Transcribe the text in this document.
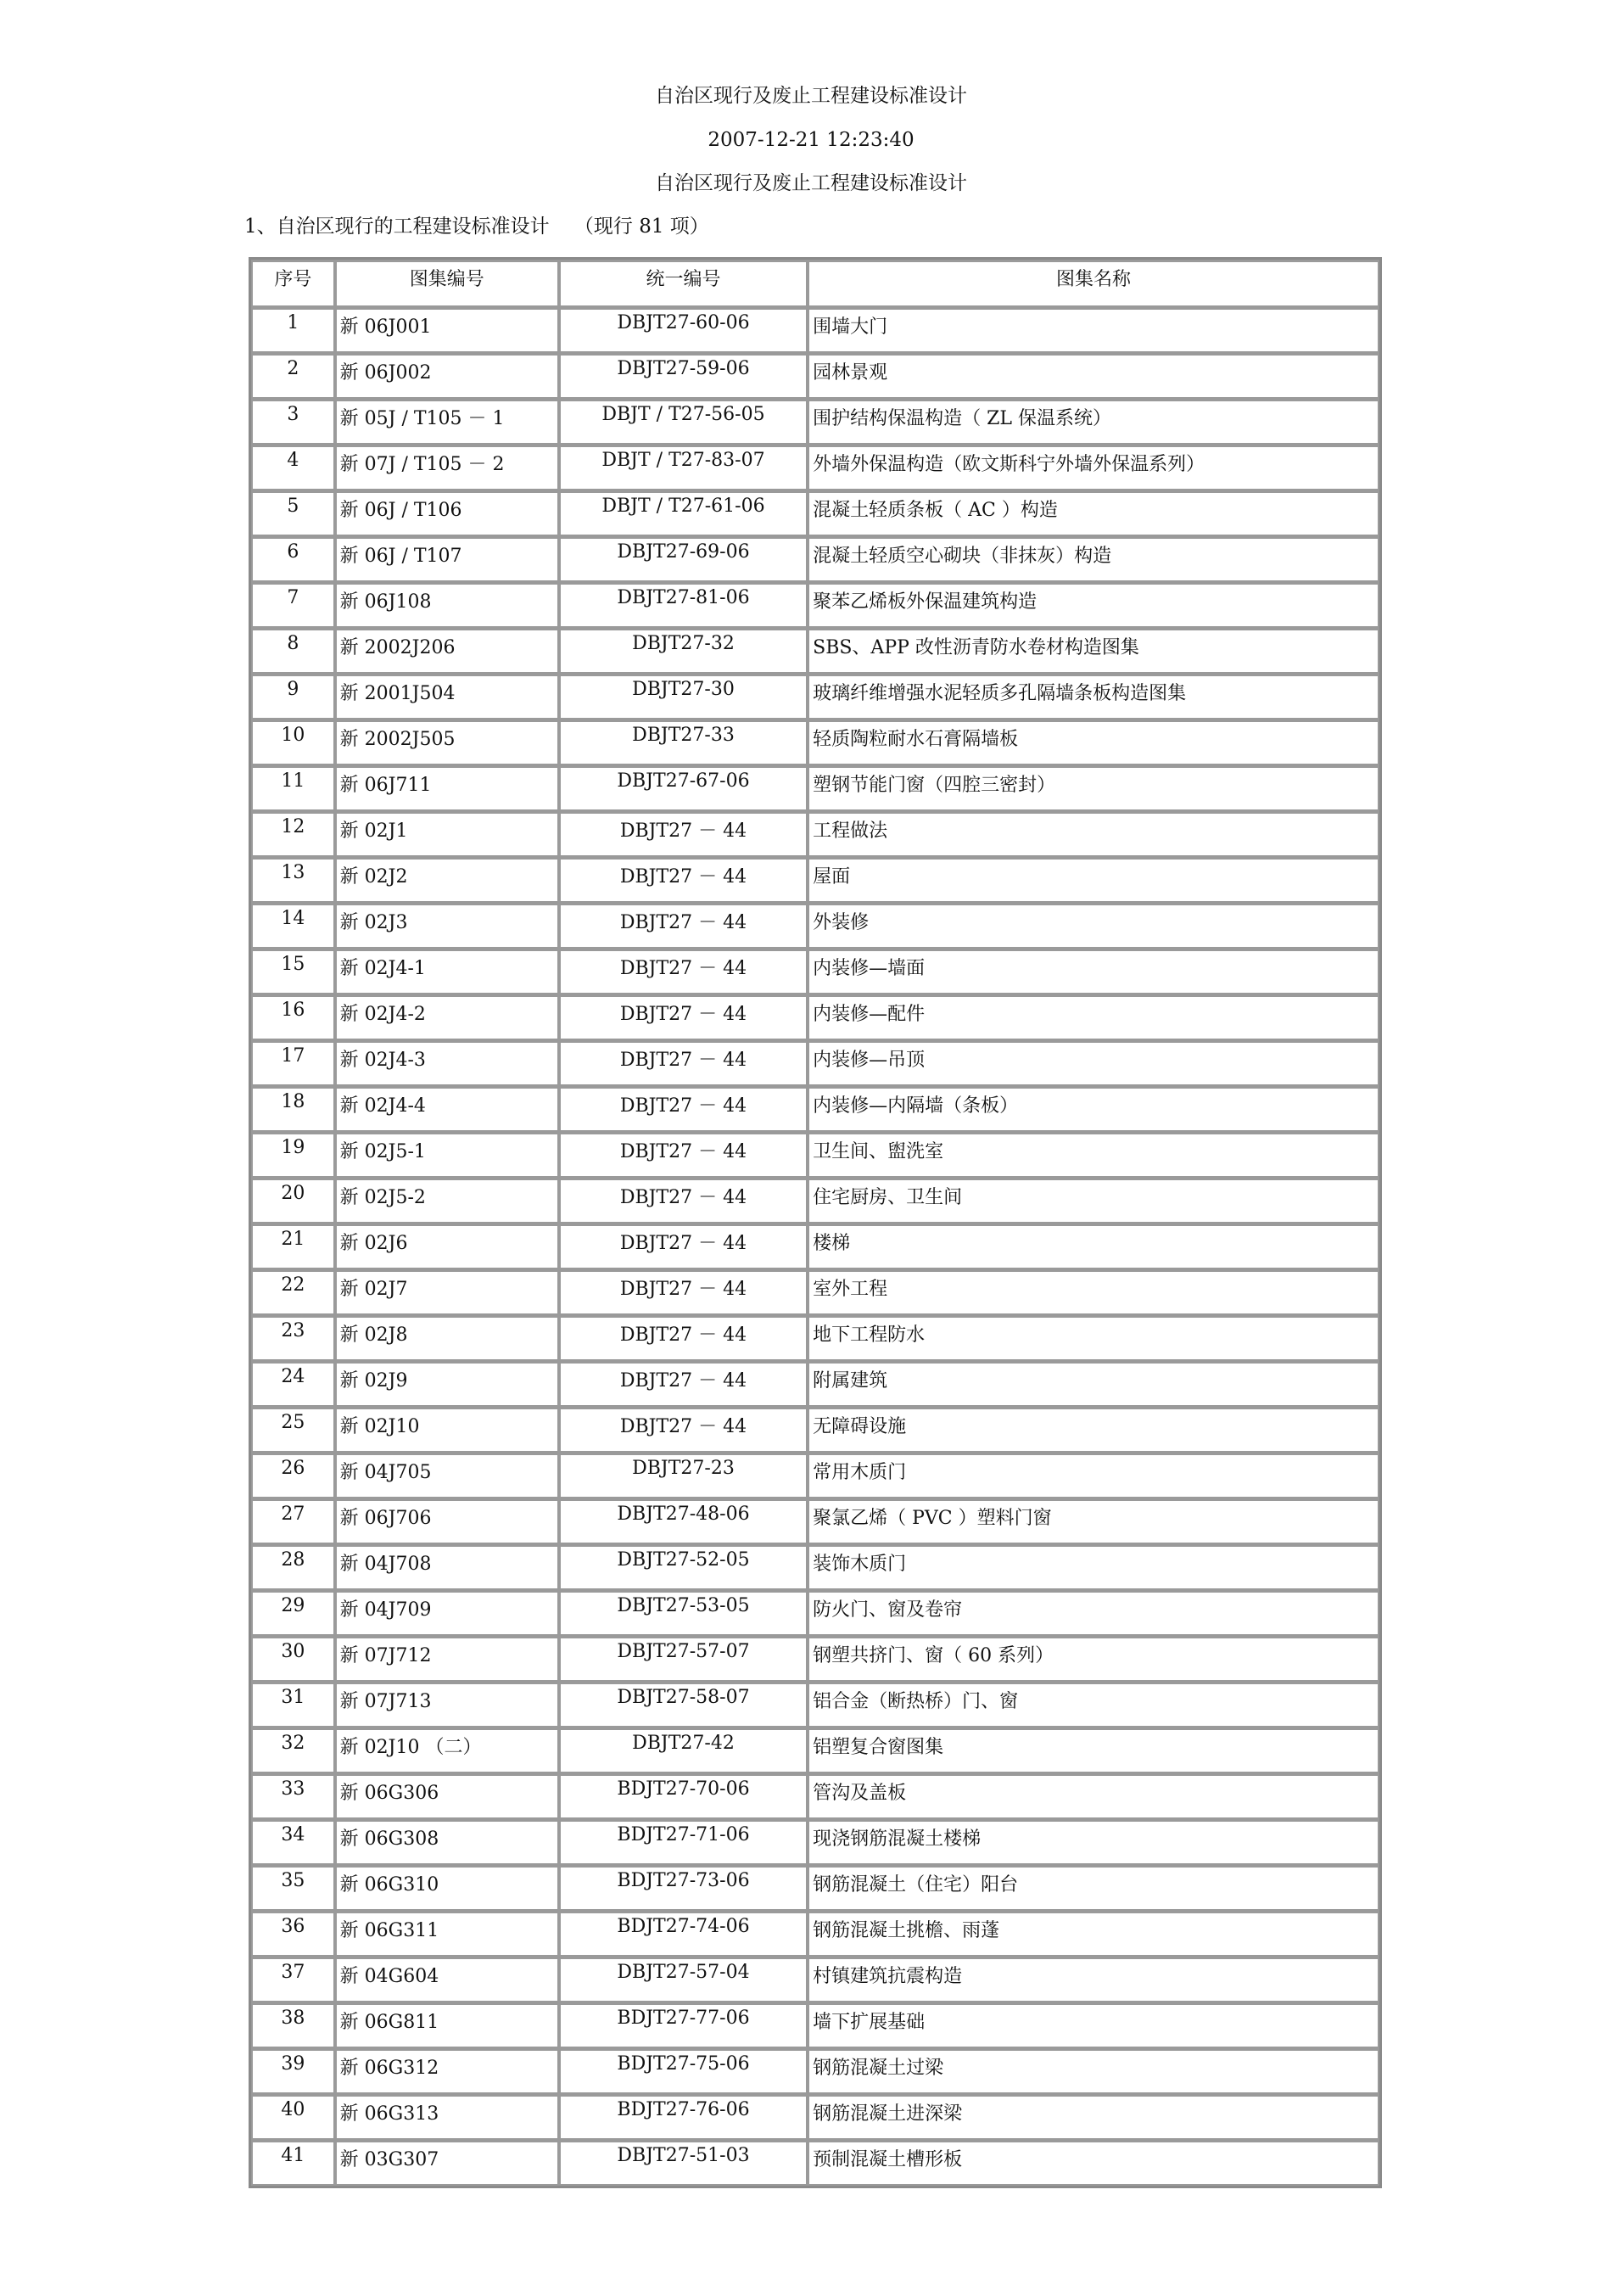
自治区现行及废止工程建设标准设计
2007-12-21 12:23:40
自治区现行及废止工程建设标准设计
1、自治区现行的工程建设标准设计    （现行 81 项）
序号	图集编号	统一编号	图集名称
1	新 06J001	DBJT27-60-06	围墙大门
2	新 06J002	DBJT27-59-06	园林景观
3	新 05J / T105 － 1	DBJT / T27-56-05	围护结构保温构造（ ZL 保温系统）
4	新 07J / T105 － 2	DBJT / T27-83-07	外墙外保温构造（欧文斯科宁外墙外保温系列）
5	新 06J / T106	DBJT / T27-61-06	混凝土轻质条板（ AC ）构造
6	新 06J / T107	DBJT27-69-06	混凝土轻质空心砌块（非抹灰）构造
7	新 06J108	DBJT27-81-06	聚苯乙烯板外保温建筑构造
8	新 2002J206	DBJT27-32	SBS、APP 改性沥青防水卷材构造图集
9	新 2001J504	DBJT27-30	玻璃纤维增强水泥轻质多孔隔墙条板构造图集
10	新 2002J505	DBJT27-33	轻质陶粒耐水石膏隔墙板
11	新 06J711	DBJT27-67-06	塑钢节能门窗（四腔三密封）
12	新 02J1	DBJT27 － 44	工程做法
13	新 02J2	DBJT27 － 44	屋面
14	新 02J3	DBJT27 － 44	外装修
15	新 02J4-1	DBJT27 － 44	内装修—墙面
16	新 02J4-2	DBJT27 － 44	内装修—配件
17	新 02J4-3	DBJT27 － 44	内装修—吊顶
18	新 02J4-4	DBJT27 － 44	内装修—内隔墙（条板）
19	新 02J5-1	DBJT27 － 44	卫生间、盥洗室
20	新 02J5-2	DBJT27 － 44	住宅厨房、卫生间
21	新 02J6	DBJT27 － 44	楼梯
22	新 02J7	DBJT27 － 44	室外工程
23	新 02J8	DBJT27 － 44	地下工程防水
24	新 02J9	DBJT27 － 44	附属建筑
25	新 02J10	DBJT27 － 44	无障碍设施
26	新 04J705	DBJT27-23	常用木质门
27	新 06J706	DBJT27-48-06	聚氯乙烯（ PVC ）塑料门窗
28	新 04J708	DBJT27-52-05	装饰木质门
29	新 04J709	DBJT27-53-05	防火门、窗及卷帘
30	新 07J712	DBJT27-57-07	钢塑共挤门、窗（ 60 系列）
31	新 07J713	DBJT27-58-07	铝合金（断热桥）门、窗
32	新 02J10 （二）	DBJT27-42	铝塑复合窗图集
33	新 06G306	BDJT27-70-06	管沟及盖板
34	新 06G308	BDJT27-71-06	现浇钢筋混凝土楼梯
35	新 06G310	BDJT27-73-06	钢筋混凝土（住宅）阳台
36	新 06G311	BDJT27-74-06	钢筋混凝土挑檐、雨蓬
37	新 04G604	DBJT27-57-04	村镇建筑抗震构造
38	新 06G811	BDJT27-77-06	墙下扩展基础
39	新 06G312	BDJT27-75-06	钢筋混凝土过梁
40	新 06G313	BDJT27-76-06	钢筋混凝土进深梁
41	新 03G307	DBJT27-51-03	预制混凝土槽形板
